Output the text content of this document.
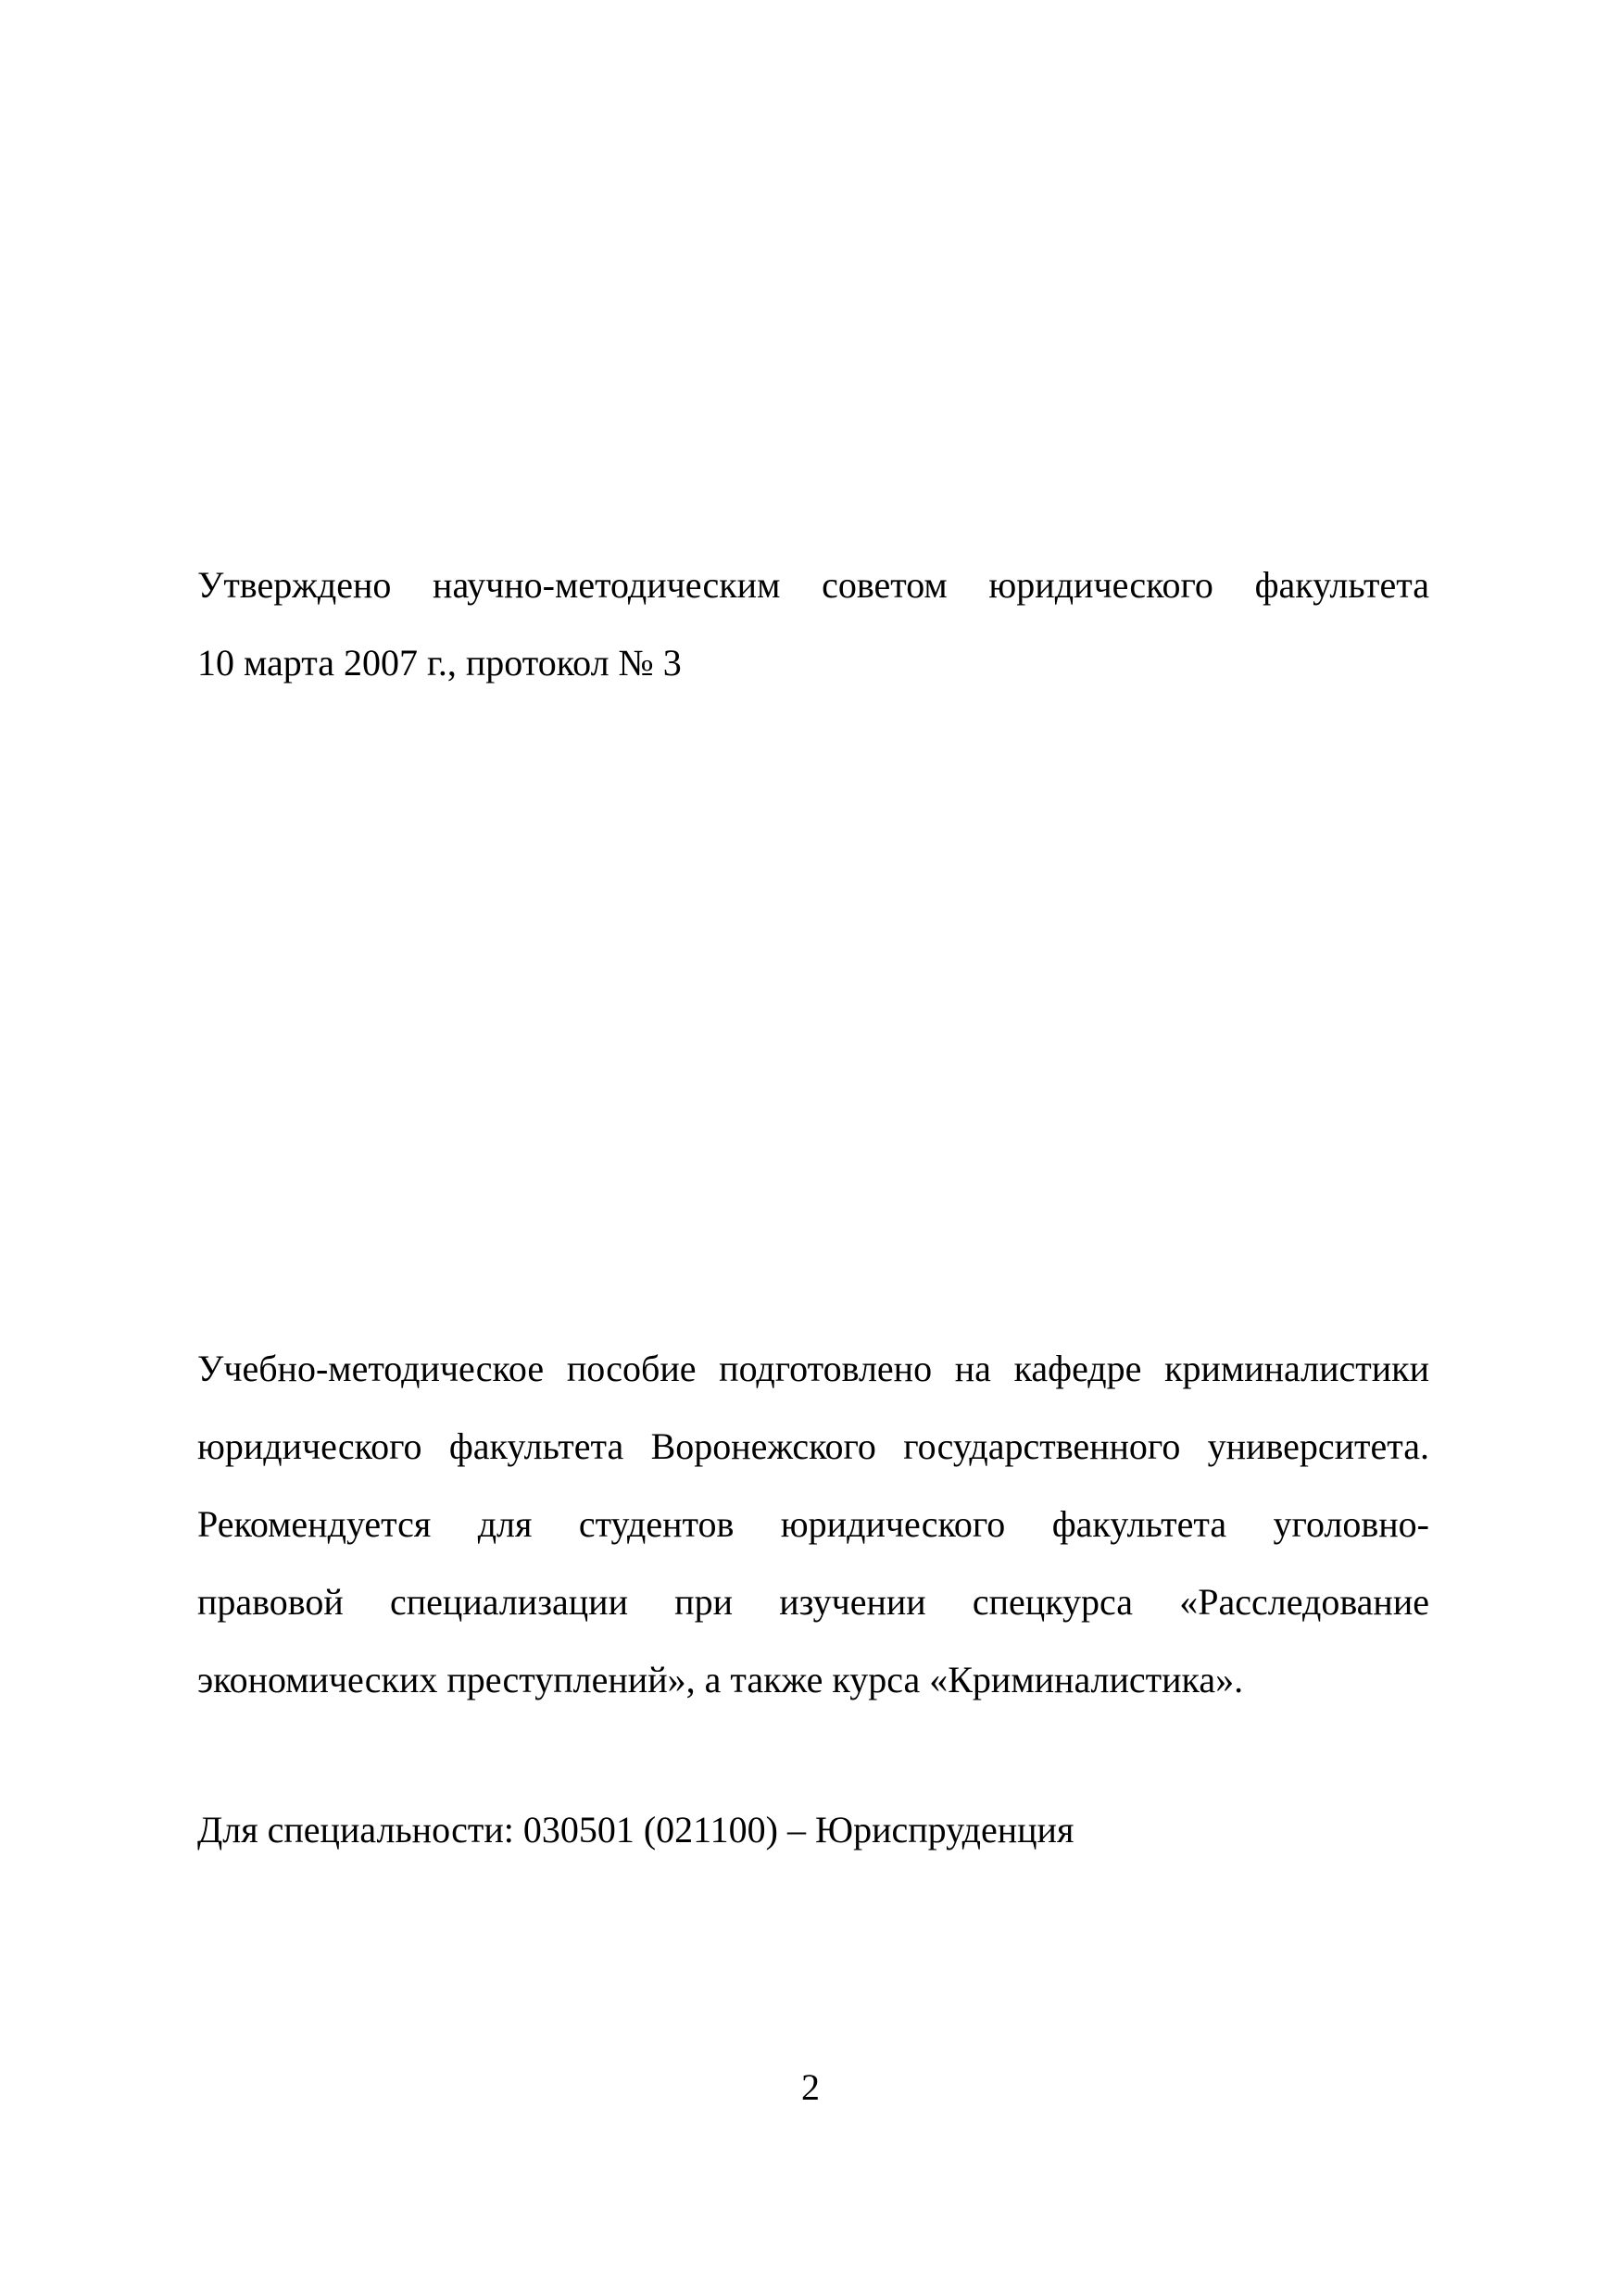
Утверждено научно-методическим советом юридического факультета
10 марта 2007 г., протокол № 3
Учебно-методическое пособие подготовлено на кафедре криминалистики
юридического факультета Воронежского государственного университета.
Рекомендуется для студентов юридического факультета уголовно-
правовой специализации при изучении спецкурса «Расследование
экономических преступлений», а также курса «Криминалистика».
Для специальности: 030501 (021100) – Юриспруденция
2
